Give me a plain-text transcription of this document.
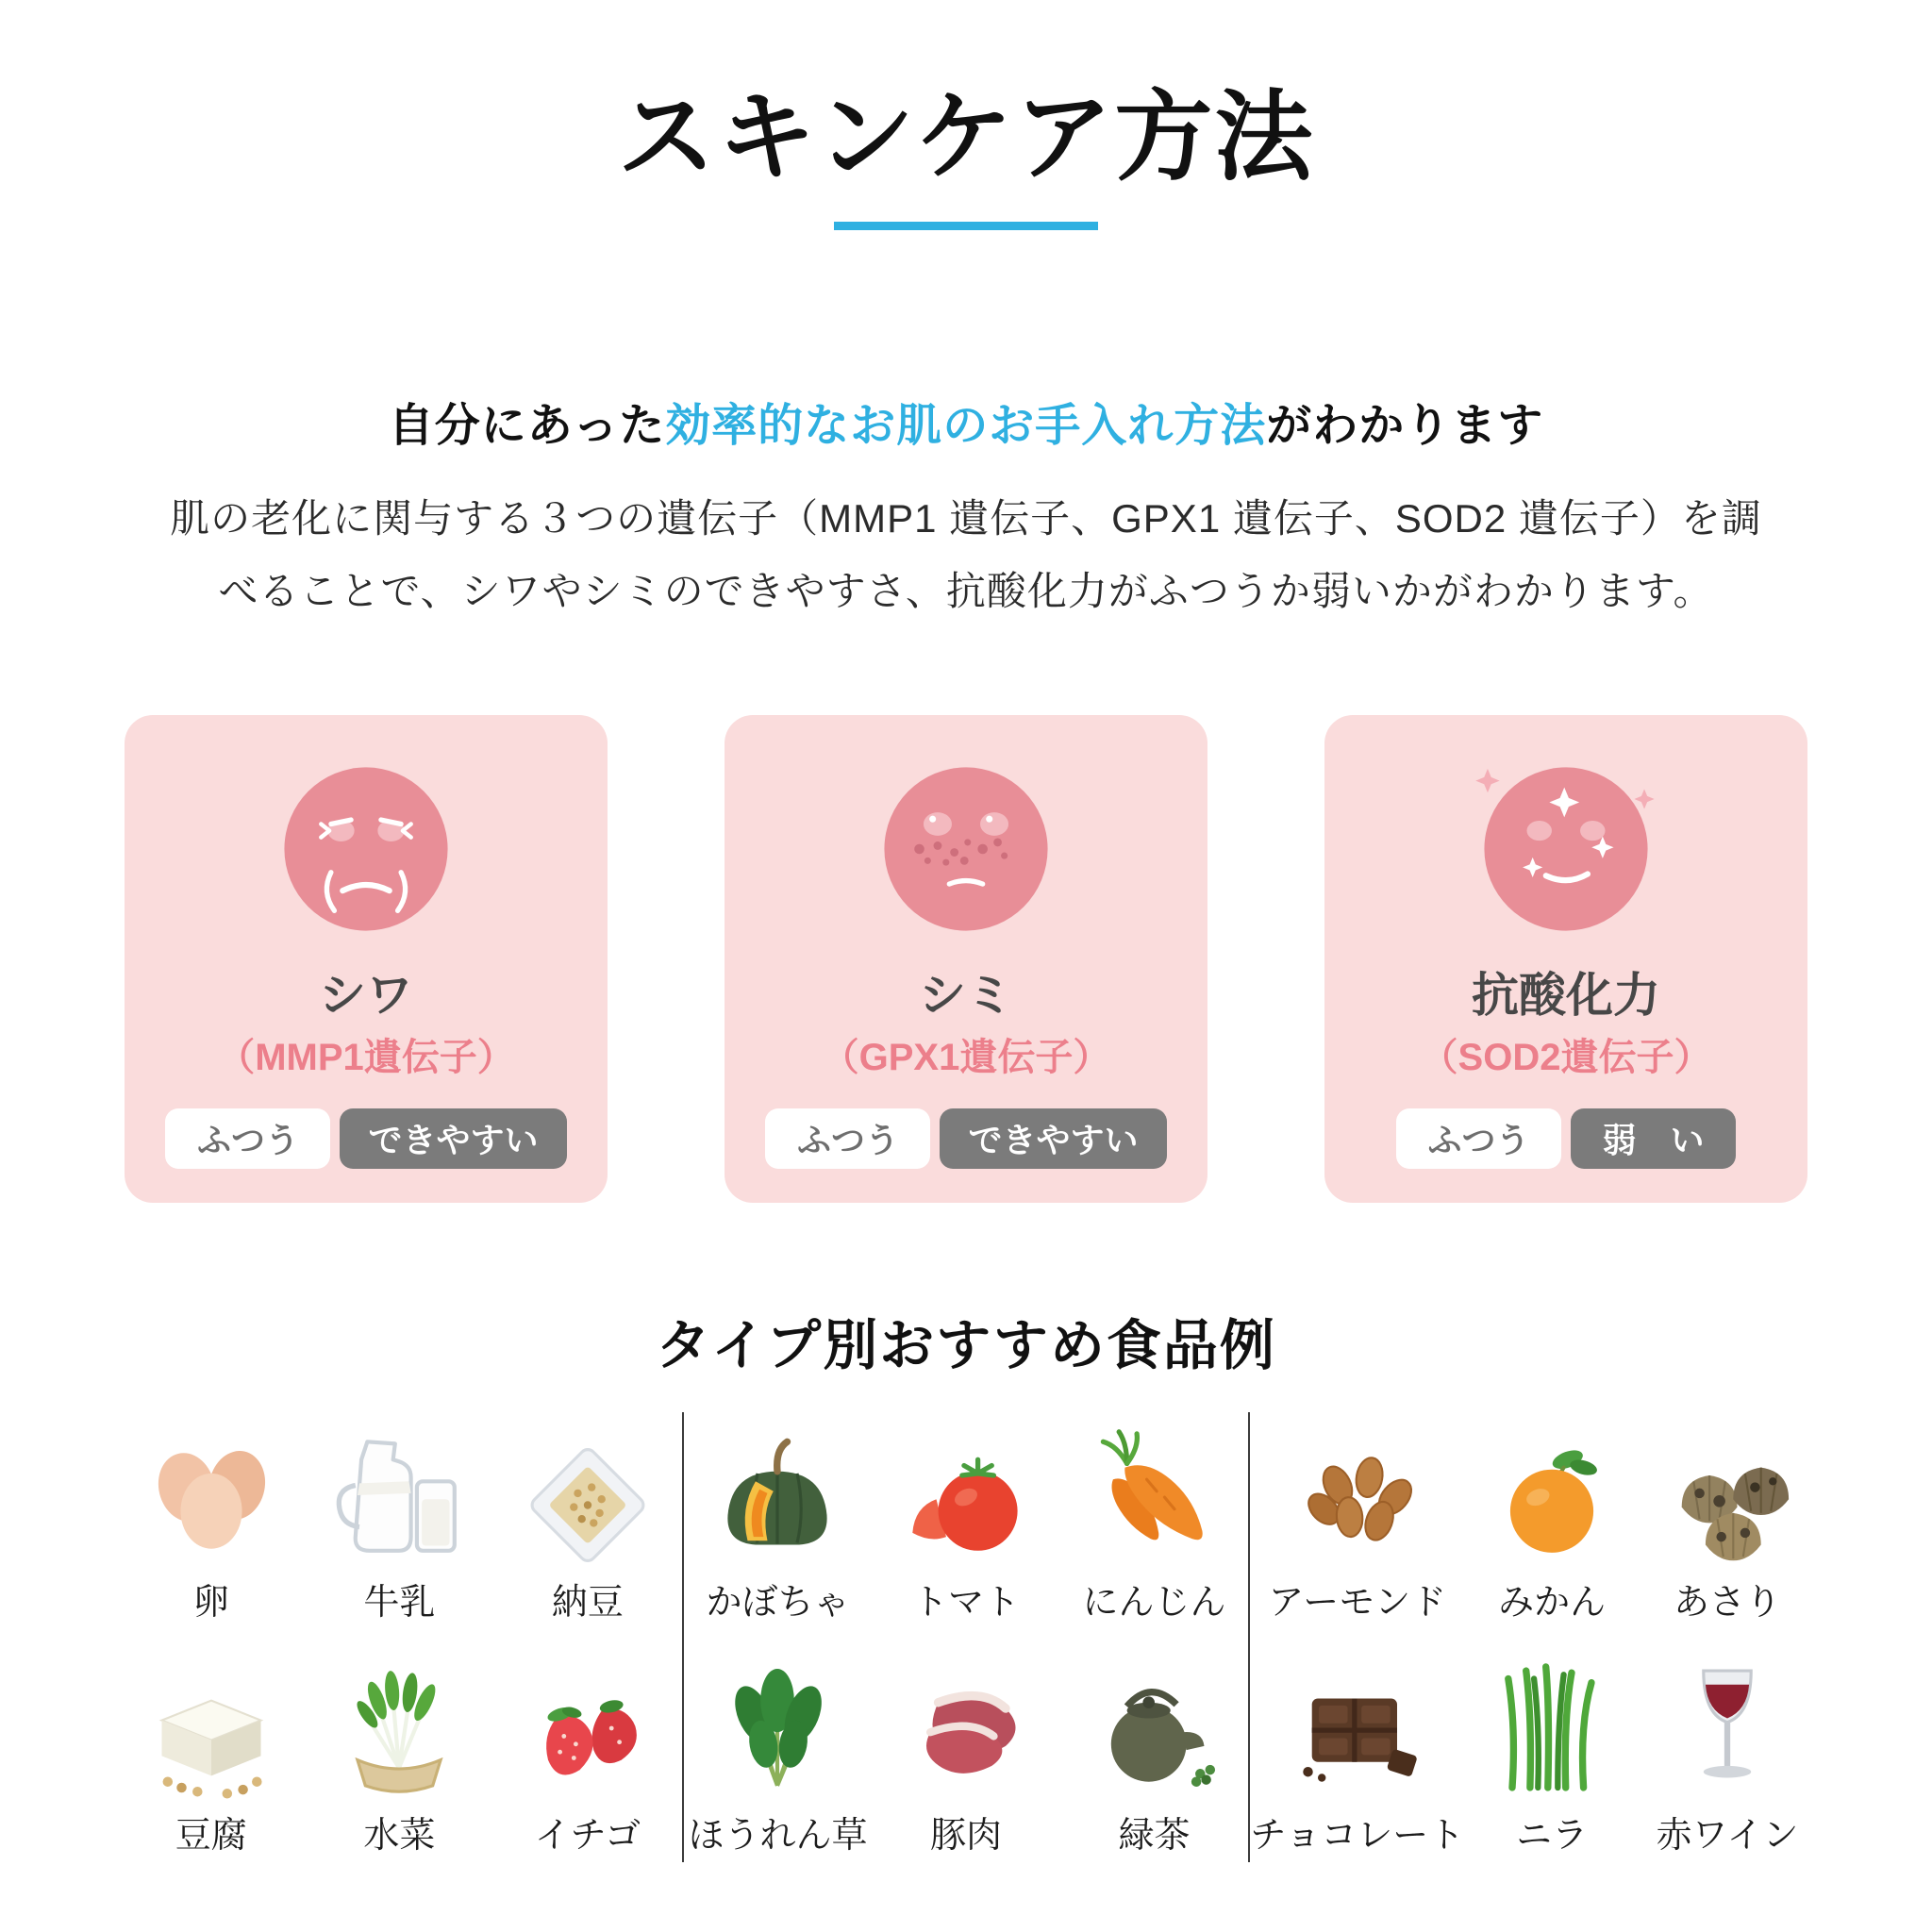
スキンケア方法

自分にあった効率的なお肌のお手入れ方法がわかります

肌の老化に関与する３つの遺伝子（MMP1 遺伝子、GPX1 遺伝子、SOD2 遺伝子）を調
べることで、シワやシミのできやすさ、抗酸化力がふつうか弱いかがわかります。

シワ
（MMP1遺伝子）
ふつう	できやすい
シミ
（GPX1遺伝子）
ふつう	できやすい
抗酸化力
（SOD2遺伝子）
ふつう	弱　い
タイプ別おすすめ食品例
卵	牛乳	納豆
豆腐	水菜	イチゴ
かぼちゃ トマト にんじん
ほうれん草 豚肉	緑茶
アーモンド みかん あさり
チョコレート ニラ 赤ワイン
